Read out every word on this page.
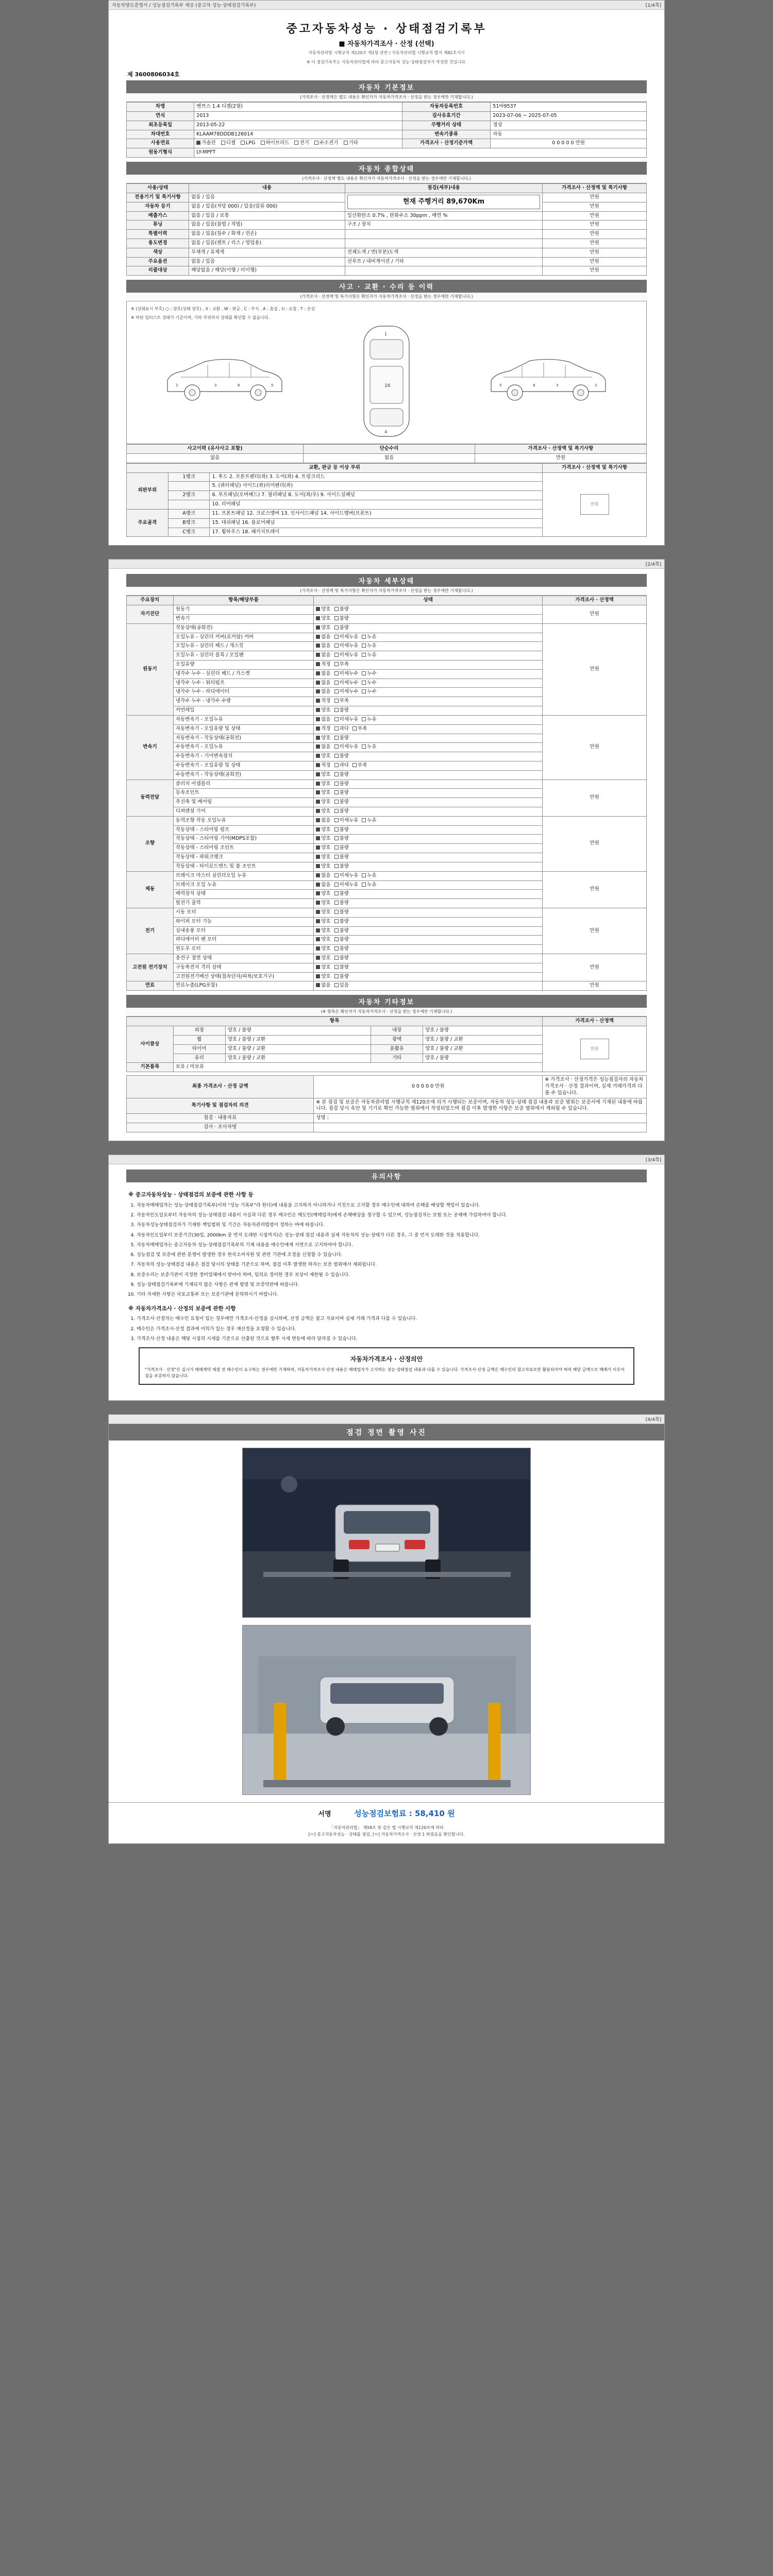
자동차양도증명서 / 성능점검기록부 제공 (중고차 성능·상태점검기록부)	[1/4쪽]
중고자동차성능 · 상태점검기록부
■ 자동차가격조사 · 산정 (선택)
자동차관리법 시행규칙 제120조 제1항 관련 / 자동차관리법 시행규칙 별지 제82호서식
※ 이 점검기록부는 자동차관리법에 따라 중고자동차 성능·상태점검자가 작성한 것입니다.
제 3600806034호
자동차 기본정보
(가격조사 · 산정액은 별도 내용은 확인자가 자동차가격조사 · 산정을 받는 경우에만 기재합니다.)
차명	벤쯔스 1.4 디젤(2열)	자동차등록번호	51바9537
연식	2013	검사유효기간	2023-07-06 ~ 2025-07-05
최초등록일	2013-05-22	주행거리 상태	정상
차대번호	KLAAM78DDDB126014	변속기종류	자동
사용연료	가솔린 디젤 LPG 하이브리드 전기 수소전기 기타	가격조사 · 산정기준가액	0 0 0 0 0 만원
원동기형식	LY-MPFT		
자동차 종합상태
(가격조사 · 산정액 별도 내용은 확인자가 자동차가격조사 · 산정을 받는 경우에만 기재합니다.)
사용/상태	내용	점검(세부)내용	가격조사 · 산정액 및 특기사항
전용기기 및 특기사항	없음 / 있음	현재 주행거리 89,670Km	만원
자동차 등기	없음 / 있음(저당 000) / 있음(압류 000)		만원
배출가스	없음 / 있음 / 보통	일산화탄소 0.7% , 탄화수소 30ppm , 매연 %	만원
튜닝	없음 / 있음(불법 / 적법)	구조 / 장치	만원
특별이력	없음 / 있음(침수 / 화재 / 전손)		만원
용도변경	없음 / 있음(렌트 / 리스 / 영업용)		만원
색상	무채색 / 유채색	전체도색 / 면(부분)도색	만원
주요옵션	없음 / 있음	선루프 / 내비게이션 / 기타	만원
리콜대상	해당없음 / 해당(이행 / 미이행)		만원
사고 · 교환 · 수리 등 이력
(가격조사 · 산정액 및 특기사항은 확인자가 자동차가격조사 · 산정을 받는 경우에만 기재합니다.)
※ (상태표시 부호) ○ : 양호(상태 양호) , X : 교환 , W : 판금 , C : 부식 , A : 흠집 , U : 요철 , T : 손상
※ 하단 일러스트 상태가 기준이며, 기타 부위까지 상태를 확인할 수 없습니다.
2	3	8	5
1
16
4
2
3
8
5
사고이력 (유사사고 포함)	단순수리	가격조사 · 산정액 및 특기사항
없음	없음	만원
교환, 판금 등 이상 부위			가격조사 · 산정액 및 특기사항
외판부위	1랭크	1. 후드 2. 프론트펜더(좌) 3. 도어(좌) 4. 트렁크리드	만원

		5. (쿼터패널) 사이드(좌)리어펜더(좌)	
	2랭크	6. 루프패널(오버헤드) 7. 필러패널 8. 도어(좌/우) 9. 사이드실패널	
		10. 리어패널	
주요골격	A랭크	11. 프론트패널 12. 크로스멤버 13. 인사이드패널 14. 사이드멤버(프론트)	
	B랭크	15. 대쉬패널 16. 플로어패널	
	C랭크	17. 휠하우스 18. 패키지트레이	
[2/4쪽]
자동차 세부상태
(가격조사 · 산정액 및 특기사항은 확인자가 자동차가격조사 · 산정을 받는 경우에만 기재합니다.)
주요장치	항목/해당부품	상태	가격조사 · 산정액
자기진단	원동기	양호 불량	만원
	변속기	양호 불량	
원동기	작동상태(공회전)	양호 불량	만원
	오일누유 - 실린더 커버(로커암) 커버	없음 미세누유 누유	
	오일누유 - 실린더 헤드 / 개스킷	없음 미세누유 누유	
	오일누유 - 실린더 블록 / 오일팬	없음 미세누유 누유	
	오일유량	적정 부족	
	냉각수 누수 - 실린더 헤드 / 가스켓	없음 미세누수 누수	
	냉각수 누수 - 워터펌프	없음 미세누수 누수	
	냉각수 누수 - 라디에이터	없음 미세누수 누수	
	냉각수 누수 - 냉각수 수량	적정 부족	
	커먼레일	양호 불량	
변속기	자동변속기 - 오일누유	없음 미세누유 누유	만원
	자동변속기 - 오일유량 및 상태	적정 과다 부족	
	자동변속기 - 작동상태(공회전)	양호 불량	
	수동변속기 - 오일누유	없음 미세누유 누유	
	수동변속기 - 기어변속장치	양호 불량	
	수동변속기 - 오일유량 및 상태	적정 과다 부족	
	수동변속기 - 작동상태(공회전)	양호 불량	
동력전달	클러치 어셈블리	양호 불량	만원
	등속조인트	양호 불량	
	추진축 및 베어링	양호 불량	
	디퍼렌셜 기어	양호 불량	
조향	동력조향 작동 오일누유	없음 미세누유 누유	만원
	작동상태 - 스티어링 펌프	양호 불량	
	작동상태 - 스티어링 기어(MDPS포함)	양호 불량	
	작동상태 - 스티어링 조인트	양호 불량	
	작동상태 - 파워크랭크	양호 불량	
	작동상태 - 타이로드엔드 및 볼 조인트	양호 불량	
제동	브레이크 마스터 실린더오일 누유	없음 미세누유 누유	만원
	브레이크 오일 누유	없음 미세누유 누유	
	배력장치 상태	양호 불량	
	빌전기 출력	양호 불량	
전기	시동 모터	양호 불량	만원
	와이퍼 모터 기능	양호 불량	
	실내송풍 모터	양호 불량	
	라디에이터 팬 모터	양호 불량	
	윈도우 모터	양호 불량	
고전원 전기장치	충전구 절연 상태	양호 불량	만원
	구동축전지 격리 상태	양호 불량	
	고전원전기배선 상태(접속단자/피복/보호기구)	양호 불량	
연료	연료누출(LPG포함)	없음 있음	만원
자동차 기타정보
(※ 항목은 확인자가 자동차가격조사 · 산정을 받는 경우에만 기재합니다.)
항목					가격조사 · 산정액
사이클상	외장	양호 / 불량	내장	양호 / 불량	만원

	휠	양호 / 불량 / 교환	광택	양호 / 불량 / 교환	
	타이어	양호 / 불량 / 교환	윤활유	양호 / 불량 / 교환	
	유리	양호 / 불량 / 교환	기타	양호 / 불량	
기본품목	보유 / 미보유				
최종 가격조사 · 산정 금액	0 0 0 0 0 만원	※ 가격조사 · 산정가격은 성능점검자의 자동차가격조사 · 산정 결과이며, 실제 거래가격과 다를 수 있습니다.
특기사항 및 점검자의 의견	※ 본 점검 및 보증은 자동차관리법 시행규칙 제120조에 의거 시행되는 보증이며, 자동차 성능·상태 점검 내용과 보증 범위는 보증서에 기재된 내용에 따릅니다. 점검 당시 육안 및 기기로 확인 가능한 범위에서 작성되었으며 점검 이후 발생한 사항은 보증 범위에서 제외될 수 있습니다.	
점검 · 내용자료	성명 :	
검사 · 조사자명		
[3/4쪽]
유의사항
※ 중고자동차성능 · 상태점검의 보증에 관한 사항 등
1. 자동차매매업자는 성능·상태점검기록부(이하 "성능 기록부"라 한다)에 내용을 고지하지 아니하거나 거짓으로 고지할 경우 매수인에 대하여 손해를 배상할 책임이 있습니다.
2. 자동차인도일로부터 자동차의 성능·상태점검 내용이 사실과 다른 경우 매수인은 매도인(매매업자)에게 손해배상을 청구할 수 있으며, 성능점검자는 보험 또는 공제에 가입하여야 합니다.
3. 자동차성능상태점검자가 기재한 책임범위 및 기간은 자동차관리법령이 정하는 바에 따릅니다.
4. 자동차인도일부터 보증기간(30일, 2000km 중 먼저 도래한 시점까지)은 성능·상태 점검 내용과 실제 자동차의 성능·상태가 다른 경우, 그 중 먼저 도래한 것을 적용합니다.
5. 자동차매매업자는 중고자동차 성능·상태점검기록부의 기재 내용을 매수인에게 서면으로 고지하여야 합니다.
6. 성능점검 및 보증에 관한 분쟁이 발생한 경우 한국소비자원 및 관련 기관에 조정을 신청할 수 있습니다.
7. 자동차의 성능·상태점검 내용은 점검 당시의 상태를 기준으로 하며, 점검 이후 발생한 하자는 보증 범위에서 제외됩니다.
8. 보증수리는 보증기관이 지정한 정비업체에서 받아야 하며, 임의로 정비한 경우 보상이 제한될 수 있습니다.
9. 성능·상태점검기록부에 기재되지 않은 사항은 관계 법령 및 보증약관에 따릅니다.
10. 기타 자세한 사항은 국토교통부 또는 보증기관에 문의하시기 바랍니다.
※ 자동차가격조사 · 산정의 보증에 관한 사항
1. 가격조사·산정자는 매수인 요청이 있는 경우에만 가격조사·산정을 실시하며, 산정 금액은 참고 자료이며 실제 거래 가격과 다를 수 있습니다.
2. 매수인은 가격조사·산정 결과에 이의가 있는 경우 재산정을 요청할 수 있습니다.
3. 가격조사·산정 내용은 해당 시점의 시세를 기준으로 산출된 것으로 향후 시세 변동에 따라 달라질 수 있습니다.
자동차가격조사 · 산정의안
"가격조사 · 산정"은 실시가 매매계약 체결 전 매수인이 요구하는 경우에만 기재하며, 자동차가격조사·산정 내용은 매매업자가 고지하는 성능·상태점검 내용과 다를 수 있습니다. 가격조사·산정 금액은 매수인의 참고자료로만 활용되어야 하며 해당 금액으로 매매가 이루어짐을 보증하지 않습니다.
[4/4쪽]
점검 정면 촬영 사진
서명	성능점검보험료 : 58,410 원
「자동차관리법」 제58조 및 같은 법 시행규칙 제120조에 따라
[ㅁ] 중고자동차성능 · 상태를 점검, [ㅁ] 자동차가격조사 · 산정 1 하였음을 확인합니다.
